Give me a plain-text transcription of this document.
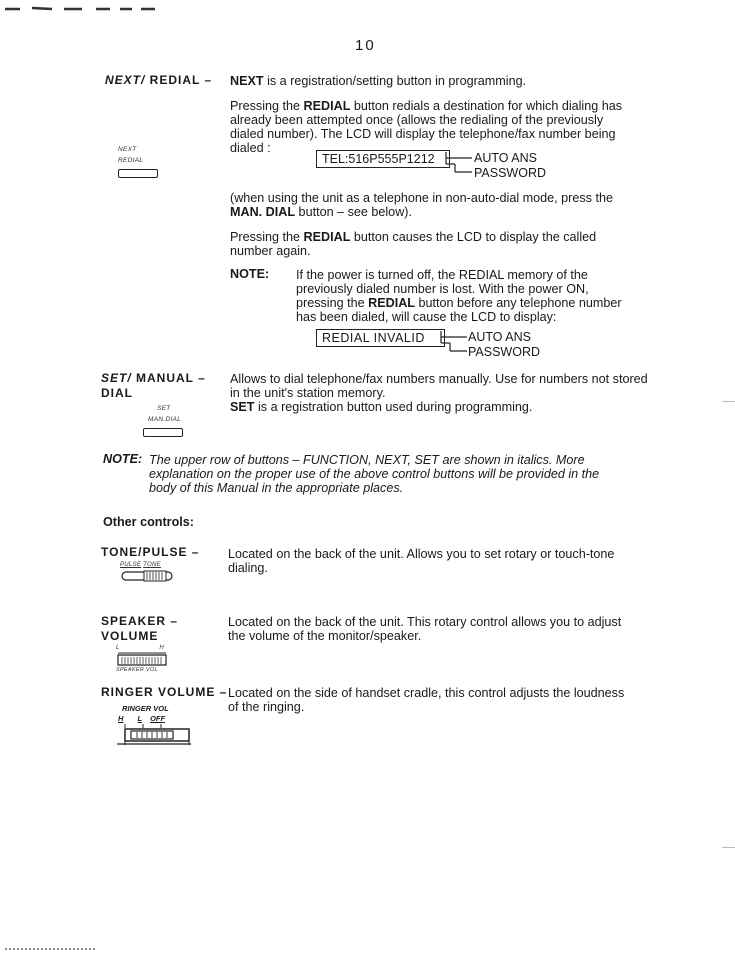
10
NEXT/ REDIAL – NEXT is a registration/setting button in programming.
Pressing the REDIAL button redials a destination for which dialing has already been attempted once (allows the redialing of the previously dialed number). The LCD will display the telephone/fax number being dialed :
NEXT
REDIAL	TEL:516P555P1212	AUTO ANS
PASSWORD
(when using the unit as a telephone in non-auto-dial mode, press the MAN. DIAL button – see below).
Pressing the REDIAL button causes the LCD to display the called number again.
NOTE: If the power is turned off, the REDIAL memory of the previously dialed number is lost. With the power ON, pressing the REDIAL button before any telephone number has been dialed, will cause the LCD to display:
REDIAL INVALID	AUTO ANS
PASSWORD
SET/ MANUAL –
DIAL
Allows to dial telephone/fax numbers manually. Use for numbers not stored in the unit's station memory.
SET is a registration button used during programming.
SET
MAN.DIAL
NOTE: The upper row of buttons – FUNCTION, NEXT, SET are shown in italics. More explanation on the proper use of the above control buttons will be provided in the body of this Manual in the appropriate places.
Other controls:
TONE/PULSE – Located on the back of the unit. Allows you to set rotary or touch-tone dialing.
PULSE TONE
SPEAKER –
VOLUME
Located on the back of the unit. This rotary control allows you to adjust the volume of the monitor/speaker.
L	H
SPEAKER VOL
RINGER VOLUME – Located on the side of handset cradle, this control adjusts the loudness of the ringing.
RINGER VOL
H L OFF
